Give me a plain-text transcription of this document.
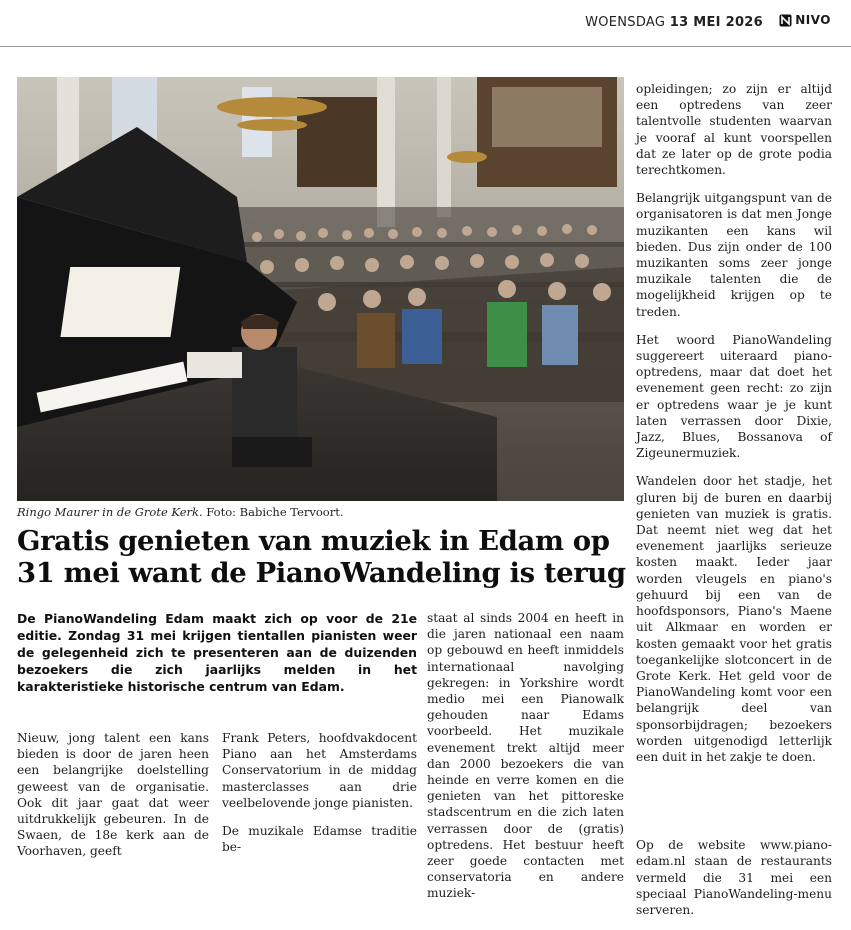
WOENSDAG 13 MEI 2026	NIVO
Ringo Maurer in de Grote Kerk. Foto: Babiche Tervoort.
Gratis genieten van muziek in Edam op 31 mei want de PianoWandeling is terug
De PianoWandeling Edam maakt zich op voor de 21e editie. Zondag 31 mei krijgen tientallen pianisten weer de gelegenheid zich te presenteren aan de duizenden bezoekers die zich jaarlijks melden in het karakteristieke historische centrum van Edam.

Nieuw, jong talent een kans bieden is door de jaren heen een belangrijke doelstelling geweest van de organisatie. Ook dit jaar gaat dat weer uitdrukkelijk gebeuren. In de Swaen, de 18e kerk aan de Voorhaven, geeft

Frank Peters, hoofdvakdocent Piano aan het Amsterdams Conservatorium in de middag masterclasses aan drie veelbelovende jonge pianisten.

De muzikale Edamse traditie be-

staat al sinds 2004 en heeft in die jaren nationaal een naam op gebouwd en heeft inmiddels internationaal navolging gekregen: in Yorkshire wordt medio mei een Pianowalk gehouden naar Edams voorbeeld. Het muzikale evenement trekt altijd meer dan 2000 bezoekers die van heinde en verre komen en die genieten van het pittoreske stadscentrum en die zich laten verrassen door de (gratis) optredens. Het bestuur heeft zeer goede contacten met conservatoria en andere muziek-

opleidingen; zo zijn er altijd een optredens van zeer talentvolle studenten waarvan je vooraf al kunt voorspellen dat ze later op de grote podia terechtkomen.

Belangrijk uitgangspunt van de organisatoren is dat men Jonge muzikanten een kans wil bieden. Dus zijn onder de 100 muzikanten soms zeer jonge muzikale talenten die de mogelijkheid krijgen op te treden.

Het woord PianoWandeling suggereert uiteraard piano-optredens, maar dat doet het evenement geen recht: zo zijn er optredens waar je je kunt laten verrassen door Dixie, Jazz, Blues, Bossanova of Zigeunermuziek.

Wandelen door het stadje, het gluren bij de buren en daarbij genieten van muziek is gratis. Dat neemt niet weg dat het evenement jaarlijks serieuze kosten maakt. Ieder jaar worden vleugels en piano's gehuurd bij een van de hoofdsponsors, Piano's Maene uit Alkmaar en worden er kosten gemaakt voor het gratis toegankelijke slotconcert in de Grote Kerk. Het geld voor de PianoWandeling komt voor een belangrijk deel van sponsorbijdragen; bezoekers worden uitgenodigd letterlijk een duit in het zakje te doen.

Op de website www.piano-edam.nl staan de restaurants vermeld die 31 mei een speciaal PianoWandeling-menu serveren.
